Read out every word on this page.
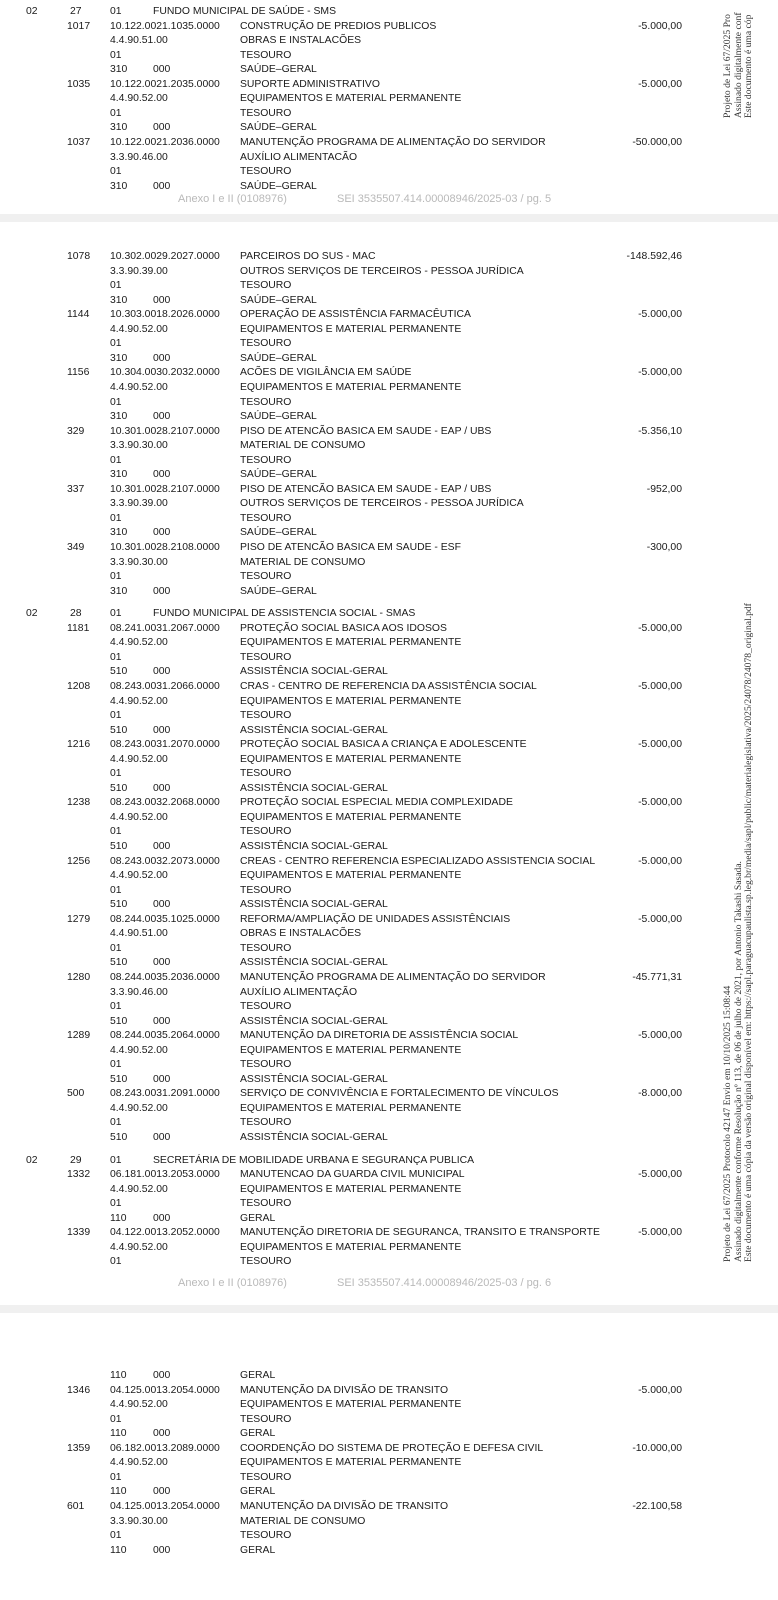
02	27	01	FUNDO MUNICIPAL DE SAÚDE - SMS
1017 10.122.0021.1035.0000 CONSTRUÇÃO DE PREDIOS PUBLICOS	-5.000,00
4.4.90.51.00	OBRAS E INSTALACÕES
01	TESOURO
310 000	SAÚDE–GERAL
1035 10.122.0021.2035.0000 SUPORTE ADMINISTRATIVO	-5.000,00
4.4.90.52.00	EQUIPAMENTOS E MATERIAL PERMANENTE
01	TESOURO
310 000	SAÚDE–GERAL
1037 10.122.0021.2036.0000 MANUTENÇÃO PROGRAMA DE ALIMENTAÇÃO DO SERVIDOR	-50.000,00
3.3.90.46.00	AUXÍLIO ALIMENTACÃO
01	TESOURO
310 000	SAÚDE–GERAL
Anexo I e II (0108976)	SEI 3535507.414.00008946/2025-03 / pg. 5
1078 10.302.0029.2027.0000 PARCEIROS DO SUS - MAC	-148.592,46
3.3.90.39.00	OUTROS SERVIÇOS DE TERCEIROS - PESSOA JURÍDICA
01	TESOURO
310 000	SAÚDE–GERAL
1144 10.303.0018.2026.0000 OPERAÇÃO DE ASSISTÊNCIA FARMACÊUTICA	-5.000,00
4.4.90.52.00	EQUIPAMENTOS E MATERIAL PERMANENTE
01	TESOURO
310 000	SAÚDE–GERAL
1156 10.304.0030.2032.0000 ACÕES DE VIGILÂNCIA EM SAÚDE	-5.000,00
4.4.90.52.00	EQUIPAMENTOS E MATERIAL PERMANENTE
01	TESOURO
310 000	SAÚDE–GERAL
329 10.301.0028.2107.0000 PISO DE ATENCÃO BASICA EM SAUDE - EAP / UBS	-5.356,10
3.3.90.30.00	MATERIAL DE CONSUMO
01	TESOURO
310 000	SAÚDE–GERAL
337 10.301.0028.2107.0000 PISO DE ATENCÃO BASICA EM SAUDE - EAP / UBS	-952,00
3.3.90.39.00	OUTROS SERVIÇOS DE TERCEIROS - PESSOA JURÍDICA
01	TESOURO
310 000	SAÚDE–GERAL
349 10.301.0028.2108.0000 PISO DE ATENCÃO BASICA EM SAUDE - ESF	-300,00
3.3.90.30.00	MATERIAL DE CONSUMO
01	TESOURO
310 000	SAÚDE–GERAL
02	28	01	FUNDO MUNICIPAL DE ASSISTENCIA SOCIAL - SMAS
1181 08.241.0031.2067.0000 PROTEÇÃO SOCIAL BASICA AOS IDOSOS	-5.000,00
4.4.90.52.00	EQUIPAMENTOS E MATERIAL PERMANENTE
01	TESOURO
510 000	ASSISTÊNCIA SOCIAL-GERAL
1208 08.243.0031.2066.0000 CRAS - CENTRO DE REFERENCIA DA ASSISTÊNCIA SOCIAL	-5.000,00
4.4.90.52.00	EQUIPAMENTOS E MATERIAL PERMANENTE
01	TESOURO
510 000	ASSISTÊNCIA SOCIAL-GERAL
1216 08.243.0031.2070.0000 PROTEÇÃO SOCIAL BASICA A CRIANÇA E ADOLESCENTE	-5.000,00
4.4.90.52.00	EQUIPAMENTOS E MATERIAL PERMANENTE
01	TESOURO
510 000	ASSISTÊNCIA SOCIAL-GERAL
1238 08.243.0032.2068.0000 PROTEÇÃO SOCIAL ESPECIAL MEDIA COMPLEXIDADE	-5.000,00
4.4.90.52.00	EQUIPAMENTOS E MATERIAL PERMANENTE
01	TESOURO
510 000	ASSISTÊNCIA SOCIAL-GERAL
1256 08.243.0032.2073.0000 CREAS - CENTRO REFERENCIA ESPECIALIZADO ASSISTENCIA SOCIAL	-5.000,00
4.4.90.52.00	EQUIPAMENTOS E MATERIAL PERMANENTE
01	TESOURO
510 000	ASSISTÊNCIA SOCIAL-GERAL
1279 08.244.0035.1025.0000 REFORMA/AMPLIAÇÃO DE UNIDADES ASSISTÊNCIAIS	-5.000,00
4.4.90.51.00	OBRAS E INSTALACÕES
01	TESOURO
510 000	ASSISTÊNCIA SOCIAL-GERAL
1280 08.244.0035.2036.0000 MANUTENÇÃO PROGRAMA DE ALIMENTAÇÃO DO SERVIDOR	-45.771,31
3.3.90.46.00	AUXÍLIO ALIMENTAÇÃO
01	TESOURO
510 000	ASSISTÊNCIA SOCIAL-GERAL
1289 08.244.0035.2064.0000 MANUTENÇÃO DA DIRETORIA DE ASSISTÊNCIA SOCIAL	-5.000,00
4.4.90.52.00	EQUIPAMENTOS E MATERIAL PERMANENTE
01	TESOURO
510 000	ASSISTÊNCIA SOCIAL-GERAL
500 08.243.0031.2091.0000 SERVIÇO DE CONVIVÊNCIA E FORTALECIMENTO DE VÍNCULOS	-8.000,00
4.4.90.52.00	EQUIPAMENTOS E MATERIAL PERMANENTE
01	TESOURO
510 000	ASSISTÊNCIA SOCIAL-GERAL
02	29	01	SECRETÁRIA DE MOBILIDADE URBANA E SEGURANÇA PUBLICA
1332 06.181.0013.2053.0000 MANUTENCAO DA GUARDA CIVIL MUNICIPAL	-5.000,00
4.4.90.52.00	EQUIPAMENTOS E MATERIAL PERMANENTE
01	TESOURO
110	000	GERAL
1339 04.122.0013.2052.0000 MANUTENÇÃO DIRETORIA DE SEGURANCA, TRANSITO E TRANSPORTE	-5.000,00
4.4.90.52.00	EQUIPAMENTOS E MATERIAL PERMANENTE
01	TESOURO
Anexo I e II (0108976)	SEI 3535507.414.00008946/2025-03 / pg. 6
110	000	GERAL
1346 04.125.0013.2054.0000 MANUTENÇÃO DA DIVISÃO DE TRANSITO	-5.000,00
4.4.90.52.00	EQUIPAMENTOS E MATERIAL PERMANENTE
01	TESOURO
110	000	GERAL
1359 06.182.0013.2089.0000 COORDENÇÃO DO SISTEMA DE PROTEÇÃO E DEFESA CIVIL	-10.000,00
4.4.90.52.00	EQUIPAMENTOS E MATERIAL PERMANENTE
01	TESOURO
110	000	GERAL
601 04.125.0013.2054.0000 MANUTENÇÃO DA DIVISÃO DE TRANSITO	-22.100,58
3.3.90.30.00	MATERIAL DE CONSUMO
01	TESOURO
110	000	GERAL
Projeto de Lei 67/2025 Pro Assinado digitalmente conf Este documento é uma cóp
Projeto de Lei 67/2025 Protocolo 42147 Envio em 10/10/2025 15:08:44 Assinado digitalmente conforme Resolução nº 113, de 06 de julho de 2021, por Antonio Takashi Sasada. Este documento é uma cópia da versão original disponível em: https://sapl.paraguacupaulista.sp.leg.br/media/sapl/public/materialegislativa/2025/24078/24078_original.pdf
